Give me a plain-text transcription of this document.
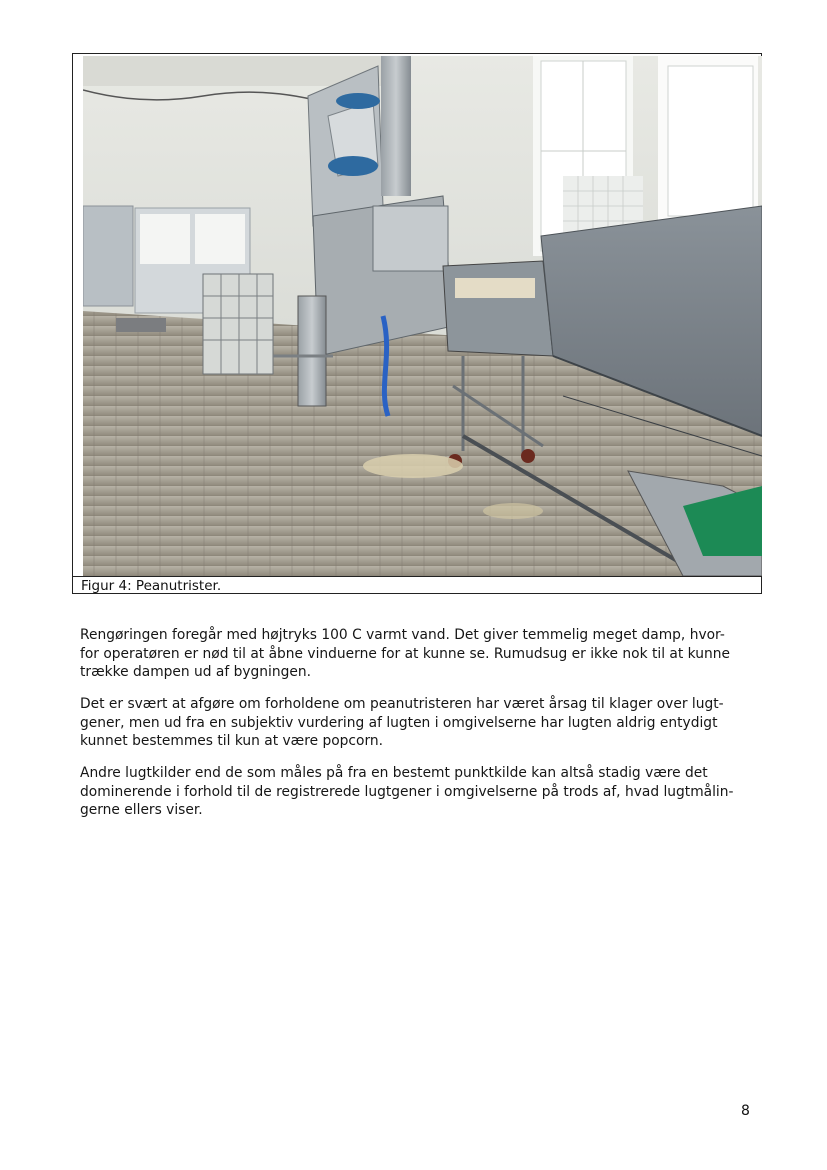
Figur 4: Peanutrister.

Rengøringen foregår med højtryks 100 C varmt vand. Det giver temmelig meget damp, hvor-
for operatøren er nød til at åbne vinduerne for at kunne se. Rumudsug er ikke nok til at kunne
trække dampen ud af bygningen.

Det er svært at afgøre om forholdene om peanutristeren har været årsag til klager over lugt-
gener, men ud fra en subjektiv vurdering af lugten i omgivelserne har lugten aldrig entydigt
kunnet bestemmes til kun at være popcorn.

Andre lugtkilder end de som måles på fra en bestemt punktkilde kan altså stadig være det
dominerende i forhold til de registrerede lugtgener i omgivelserne på trods af, hvad lugtmålin-
gerne ellers viser.

8
